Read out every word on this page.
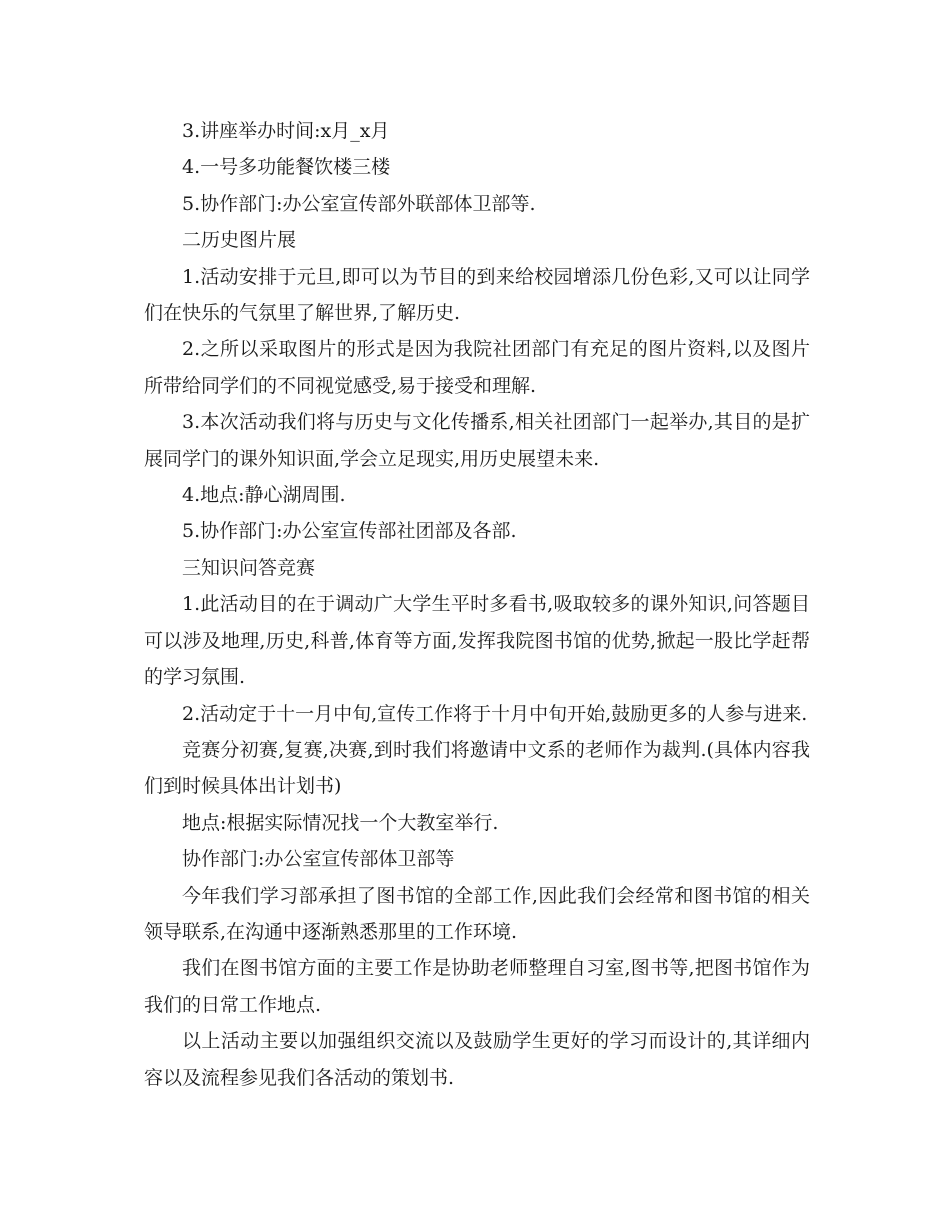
3.讲座举办时间:x月_x月

4.一号多功能餐饮楼三楼

5.协作部门:办公室宣传部外联部体卫部等.

二历史图片展

1.活动安排于元旦,即可以为节目的到来给校园增添几份色彩,又可以让同学们在快乐的气氛里了解世界,了解历史.

2.之所以采取图片的形式是因为我院社团部门有充足的图片资料,以及图片所带给同学们的不同视觉感受,易于接受和理解.

3.本次活动我们将与历史与文化传播系,相关社团部门一起举办,其目的是扩展同学门的课外知识面,学会立足现实,用历史展望未来.

4.地点:静心湖周围.

5.协作部门:办公室宣传部社团部及各部.

三知识问答竞赛

1.此活动目的在于调动广大学生平时多看书,吸取较多的课外知识,问答题目可以涉及地理,历史,科普,体育等方面,发挥我院图书馆的优势,掀起一股比学赶帮的学习氛围.

2.活动定于十一月中旬,宣传工作将于十月中旬开始,鼓励更多的人参与进来.

竞赛分初赛,复赛,决赛,到时我们将邀请中文系的老师作为裁判.(具体内容我们到时候具体出计划书)

地点:根据实际情况找一个大教室举行.

协作部门:办公室宣传部体卫部等

今年我们学习部承担了图书馆的全部工作,因此我们会经常和图书馆的相关领导联系,在沟通中逐渐熟悉那里的工作环境.

我们在图书馆方面的主要工作是协助老师整理自习室,图书等,把图书馆作为我们的日常工作地点.

以上活动主要以加强组织交流以及鼓励学生更好的学习而设计的,其详细内容以及流程参见我们各活动的策划书.
